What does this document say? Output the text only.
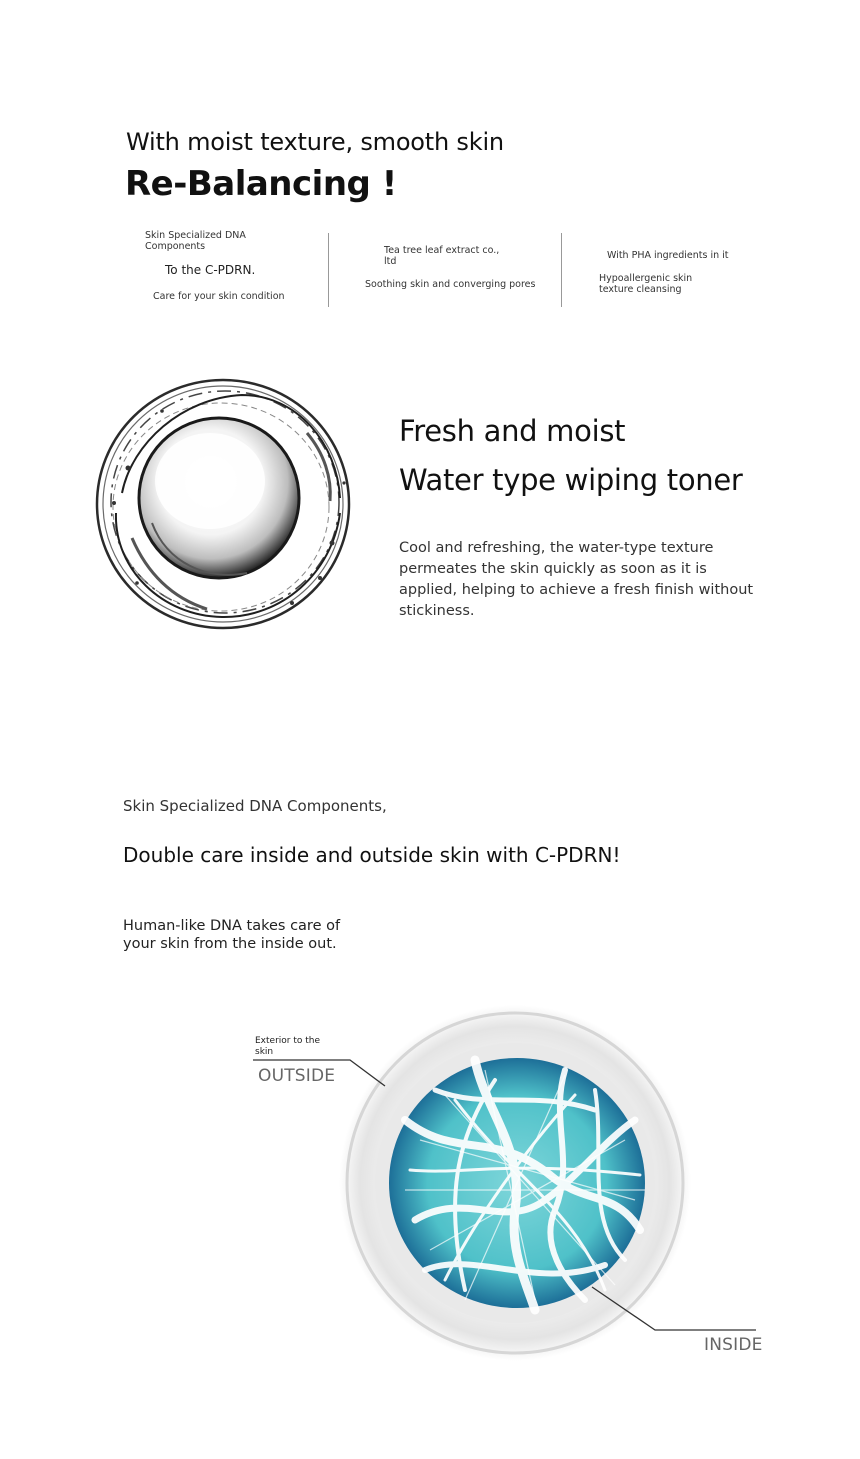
With moist texture, smooth skin
Re-Balancing !
Skin Specialized DNA Components
To the C-PDRN.
Care for your skin condition
Tea tree leaf extract co., ltd
Soothing skin and converging pores
With PHA ingredients in it
Hypoallergenic skin texture cleansing
Fresh and moist
Water type wiping toner
Cool and refreshing, the water-type texture permeates the skin quickly as soon as it is applied, helping to achieve a fresh finish without stickiness.
Skin Specialized DNA Components,
Double care inside and outside skin with C-PDRN!
Human-like DNA takes care of your skin from the inside out.
Exterior to the skin
OUTSIDE
INSIDE
